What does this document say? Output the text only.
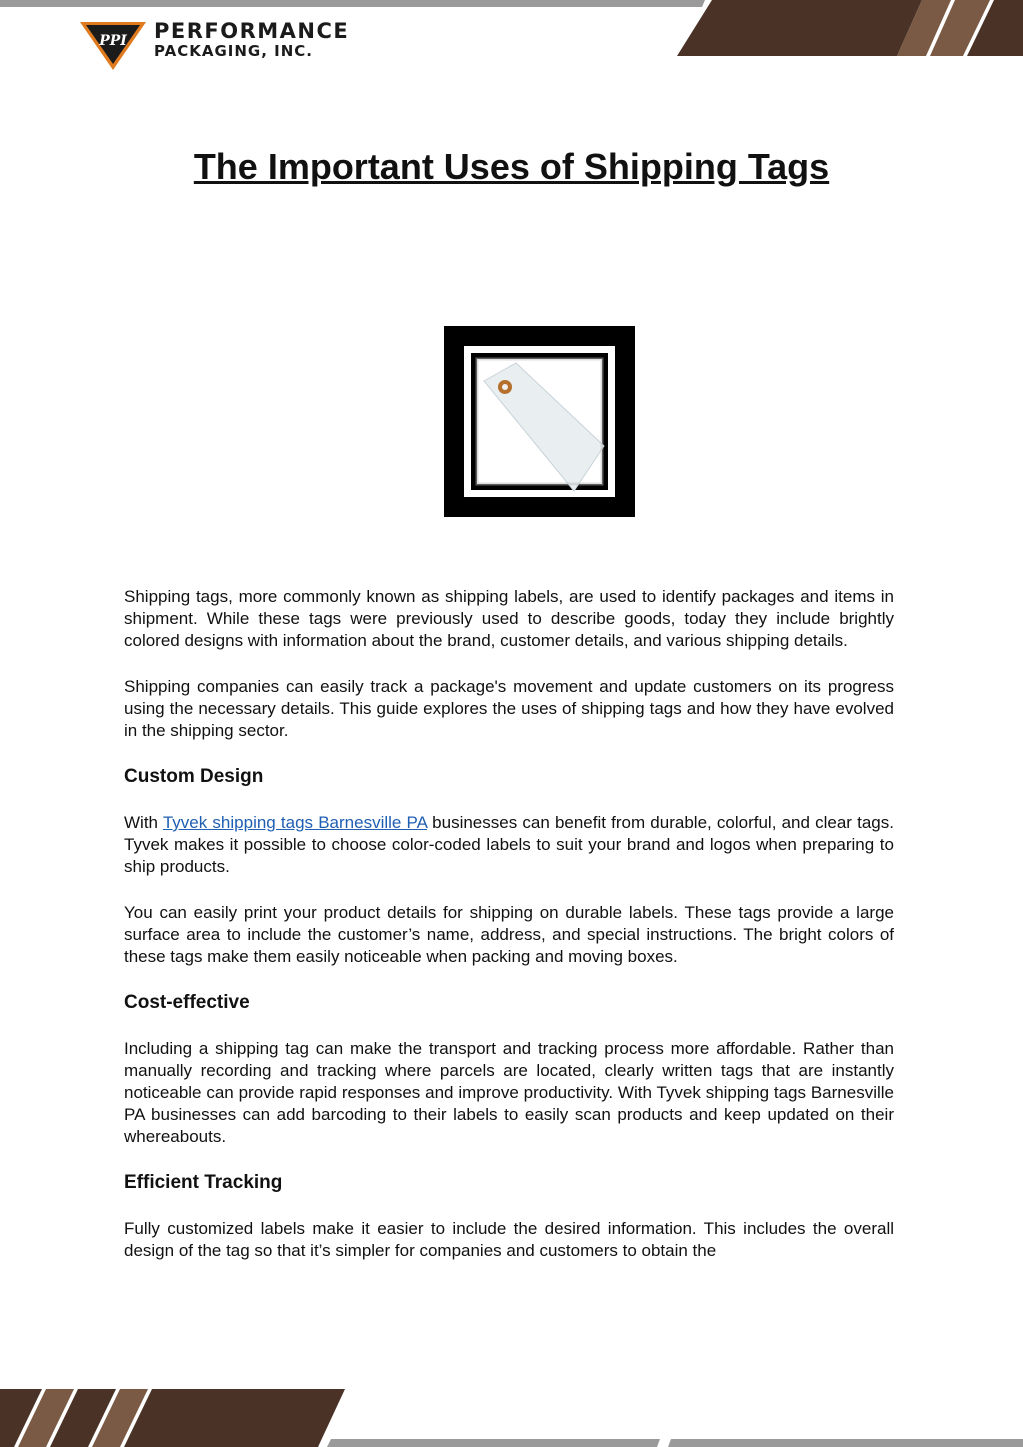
PPI PERFORMANCE
PACKAGING, INC.
The Important Uses of Shipping Tags

Shipping tags, more commonly known as shipping labels, are used to identify packages and items in shipment. While these tags were previously used to describe goods, today they include brightly colored designs with information about the brand, customer details, and various shipping details.

Shipping companies can easily track a package's movement and update customers on its progress using the necessary details. This guide explores the uses of shipping tags and how they have evolved in the shipping sector.

Custom Design

With Tyvek shipping tags Barnesville PA businesses can benefit from durable, colorful, and clear tags. Tyvek makes it possible to choose color-coded labels to suit your brand and logos when preparing to ship products.

You can easily print your product details for shipping on durable labels. These tags provide a large surface area to include the customer’s name, address, and special instructions. The bright colors of these tags make them easily noticeable when packing and moving boxes.

Cost-effective

Including a shipping tag can make the transport and tracking process more affordable. Rather than manually recording and tracking where parcels are located, clearly written tags that are instantly noticeable can provide rapid responses and improve productivity. With Tyvek shipping tags Barnesville PA businesses can add barcoding to their labels to easily scan products and keep updated on their whereabouts.

Efficient Tracking

Fully customized labels make it easier to include the desired information. This includes the overall design of the tag so that it’s simpler for companies and customers to obtain the
